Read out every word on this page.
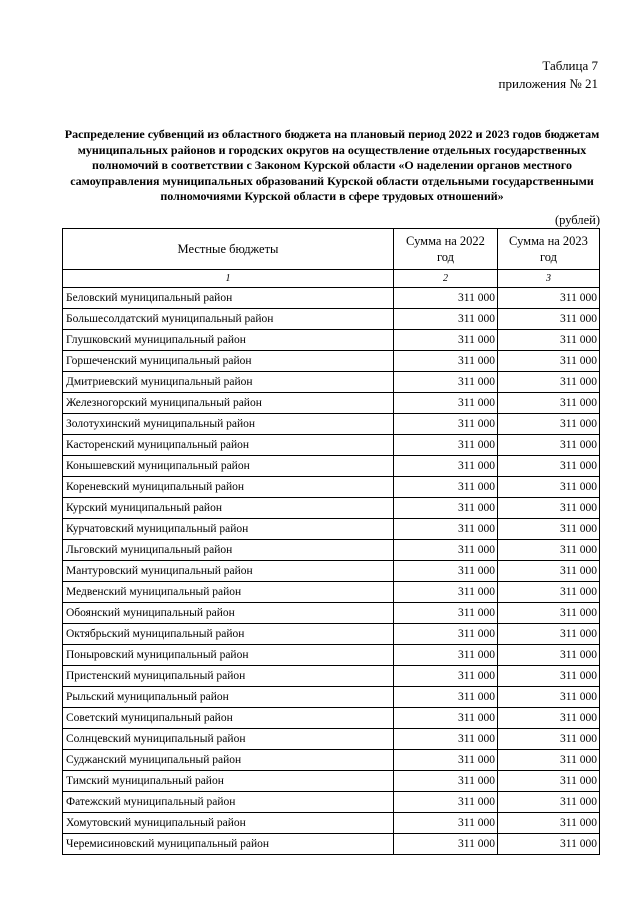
Таблица 7
приложения № 21
Распределение субвенций из областного бюджета на плановый период 2022 и 2023 годов бюджетам муниципальных районов и городских округов на осуществление отдельных государственных полномочий в соответствии с Законом Курской области «О наделении органов местного самоуправления муниципальных образований Курской области отдельными государственными полномочиями Курской области в сфере трудовых отношений»
(рублей)
Местные бюджеты	Сумма на 2022 год	Сумма на 2023 год
1	2	3
Беловский муниципальный район	311 000	311 000
Большесолдатский муниципальный район	311 000	311 000
Глушковский муниципальный район	311 000	311 000
Горшеченский муниципальный район	311 000	311 000
Дмитриевский муниципальный район	311 000	311 000
Железногорский муниципальный район	311 000	311 000
Золотухинский муниципальный район	311 000	311 000
Касторенский муниципальный район	311 000	311 000
Конышевский муниципальный район	311 000	311 000
Кореневский муниципальный район	311 000	311 000
Курский муниципальный район	311 000	311 000
Курчатовский муниципальный район	311 000	311 000
Льговский муниципальный район	311 000	311 000
Мантуровский муниципальный район	311 000	311 000
Медвенский муниципальный район	311 000	311 000
Обоянский муниципальный район	311 000	311 000
Октябрьский муниципальный район	311 000	311 000
Поныровский муниципальный район	311 000	311 000
Пристенский муниципальный район	311 000	311 000
Рыльский муниципальный район	311 000	311 000
Советский муниципальный район	311 000	311 000
Солнцевский муниципальный район	311 000	311 000
Суджанский муниципальный район	311 000	311 000
Тимский муниципальный район	311 000	311 000
Фатежский муниципальный район	311 000	311 000
Хомутовский муниципальный район	311 000	311 000
Черемисиновский муниципальный район	311 000	311 000
